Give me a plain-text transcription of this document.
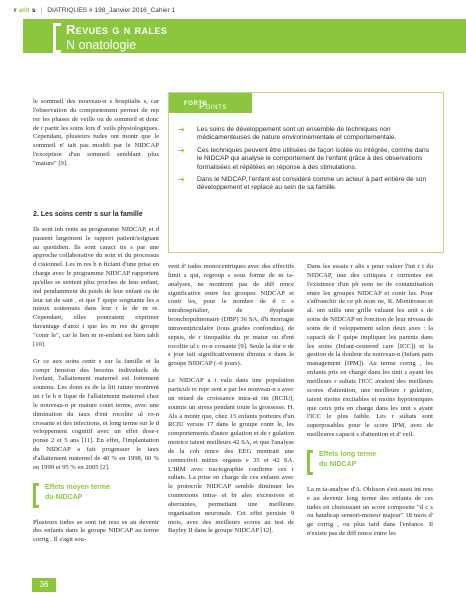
r alit s | DIATRIQUES # 198_Janvier 2016_Cahier 1
Revues g n rales
N onatologie

le sommeil des nouveau-n s hospitalis s, car l'observation du comportement permet de rep rer les phases de veille ou de sommeil et donc de r partir les soins lors d' veils physiologiques. Cependant, plusieurs tudes ont montr que le sommeil n' tait pas modifi par le NIDCAP l'exception d'un sommeil semblant plus "mature" [9].

2. Les soins centr s sur la famille

Ils sont inh rents au programme NIDCAP, et d passent largement le rapport patient/soignant au quotidien. Ils sont caract ris s par une approche collaborative du soin et du processus d cisionnel. Les m res b n ficiant d'une prise en charge avec le programme NIDCAP rapportent qu'elles se sentent plus proches de leur enfant, ind pendamment du poids de leur enfant ou de leur tat de sant , et que l' quipe soignante les a mieux soutenues dans leur r le de m re. Cependant, elles pourraient exprimer davantage d'anxi t que les m res du groupe "contr le", car le lien m re-enfant est bien tabli [10].

Gr ce aux soins centr s sur la famille et la compr hension des besoins individuels de l'enfant, l'allaitement maternel est fortement soutenu. Les donn es de la litt rature montrent un r le b n fique de l'allaitement maternel chez le nouveau-n pr mature court terme, avec une diminution du taux d'ent rocolite ul ro-n crosante et des infections, et long terme sur le d veloppement cognitif avec un effet dose-r ponse 2 et 5 ans [11]. En effet, l'implantation du NIDCAP a fait progresser le taux d'allaitement maternel de 40 % en 1998, 60 % en 1999 et 95 % en 2005 [2].

Effets moyen terme
du NIDCAP

Plusieurs tudes se sont int ress es au devenir des enfants dans le groupe NIDCAP au terme corrig . Il s'agit sou-

Points
forts
➔ Les soins de développement sont un ensemble de techniques non médicamenteuses de nature environnementale et comportementale.
➔ Ces techniques peuvent être utilisées de façon isolée ou intégrée, comme dans le NIDCAP qui analyse le comportement de l'enfant grâce à des observations formalisées et répétées en réponse à des stimulations.
➔ Dans le NIDCAP, l'enfant est considéré comme un acteur à part entière de son développement et replacé au sein de sa famille.

vent d' tudes monocentriques avec des effectifs limit s qui, regroup s sous forme de m ta-analyses, ne montrent pas de diff rence significative entre les groupes NIDCAP et contr les, pour le nombre de d c s intrahospitalier, de dysplasie bronchopulmonaire (DBP) 36 SA, d'h morragie intraventriculaire (tous grades confondus), de sepsis, de r tinopathie du pr matur ou d'ent rocolite ul c ro-n crosante [9]. Seule la dur e de s jour tait significativement diminu e dans le groupe NIDCAP (–6 jours).

Le NIDCAP a t valu dans une population particuli re repr sent e par les nouveau-n s avec un retard de croissance intra-ut rin (RCIU), soumis un stress pendant toute la grossesse. H. Als a montr que, chez 13 enfants porteurs d'un RCIU versus 17 dans le groupe contr le, les comportements d'autor gulation et de r gulation motrice taient meilleurs 42 SA, et que l'analyse de la coh rence des EEG montrait une connectivit mieux organis e 35 et 42 SA. L'IRM avec tractographie confirme ces r sultats. La prise en charge de ces enfants avec le protocole NIDCAP semble diminuer les connexions intra- et br ales excessives et aberrantes, permettant une meilleure organisation neuronale. Cet effet persiste 9 mois, avec des meilleurs scores au test de Bayley II dans le groupe NIDCAP [12].

Dans les essais r alis s pour valuer l'int r t du NIDCAP, une des critiques r currentes est l'existence d'un ph nom ne de contamination entre les groupes NIDCAP et contr les. Pour s'affranchir de ce ph nom ne, R. Montirosso et al. ont utilis une grille valuant les unit s de soins de NIDCAP en fonction de leur niveau de soins de d veloppement selon deux axes : la capacit de l' quipe impliquer les parents dans les soins (Infant-centered care [ICC]) et la gestion de la douleur du nouveau-n (Infant pain management [IPM]). Au terme corrig , les enfants pris en charge dans les unit s ayant les meilleurs r sultats l'ICC avaient des meilleurs scores d'attention, une meilleure r gulation, taient moins excitables et moins hypotoniques que ceux pris en charge dans les unit s ayant l'ICC le plus faible. Les r sultats sont superposables pour le score IPM, avec de meilleures capacit s d'attention et d' veil.

Effets long terme
du NIDCAP

La m ta-analyse d'A. Ohlsson s'est aussi int ress e au devenir long terme des enfants de ces tudes en choisissant un score composite "d c s ou handicap sensori-moteur majeur" 18 mois d' ge corrig , ou plus tard dans l'enfance. Il n'existe pas de diff rence entre les

36
